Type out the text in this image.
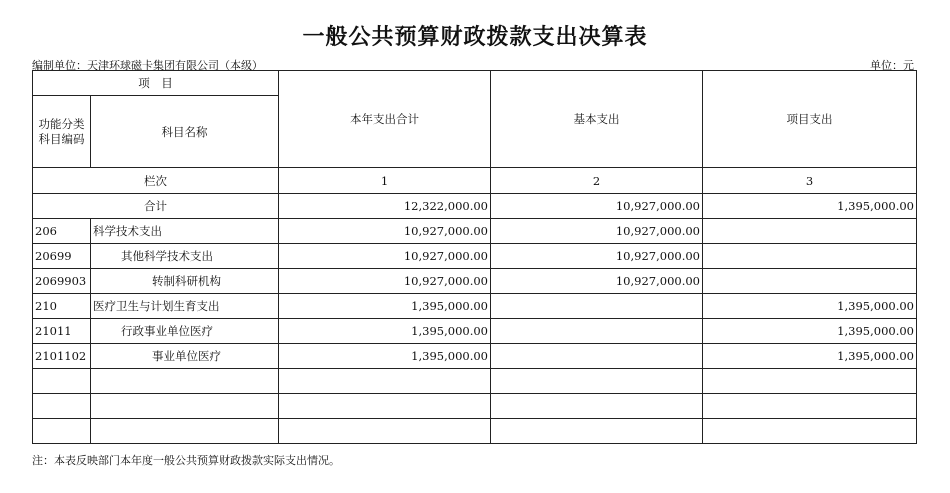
一般公共预算财政拨款支出决算表
编制单位：天津环球磁卡集团有限公司（本级）	单位：元
项　目		本年支出合计	基本支出	项目支出
功能分类科目编码	科目名称			
栏次		1	2	3
合计		12,322,000.00	10,927,000.00	1,395,000.00
206	科学技术支出	10,927,000.00	10,927,000.00	
20699	其他科学技术支出	10,927,000.00	10,927,000.00	
2069903	转制科研机构	10,927,000.00	10,927,000.00	
210	医疗卫生与计划生育支出	1,395,000.00		1,395,000.00
21011	行政事业单位医疗	1,395,000.00		1,395,000.00
2101102	事业单位医疗	1,395,000.00		1,395,000.00

注：本表反映部门本年度一般公共预算财政拨款实际支出情况。
